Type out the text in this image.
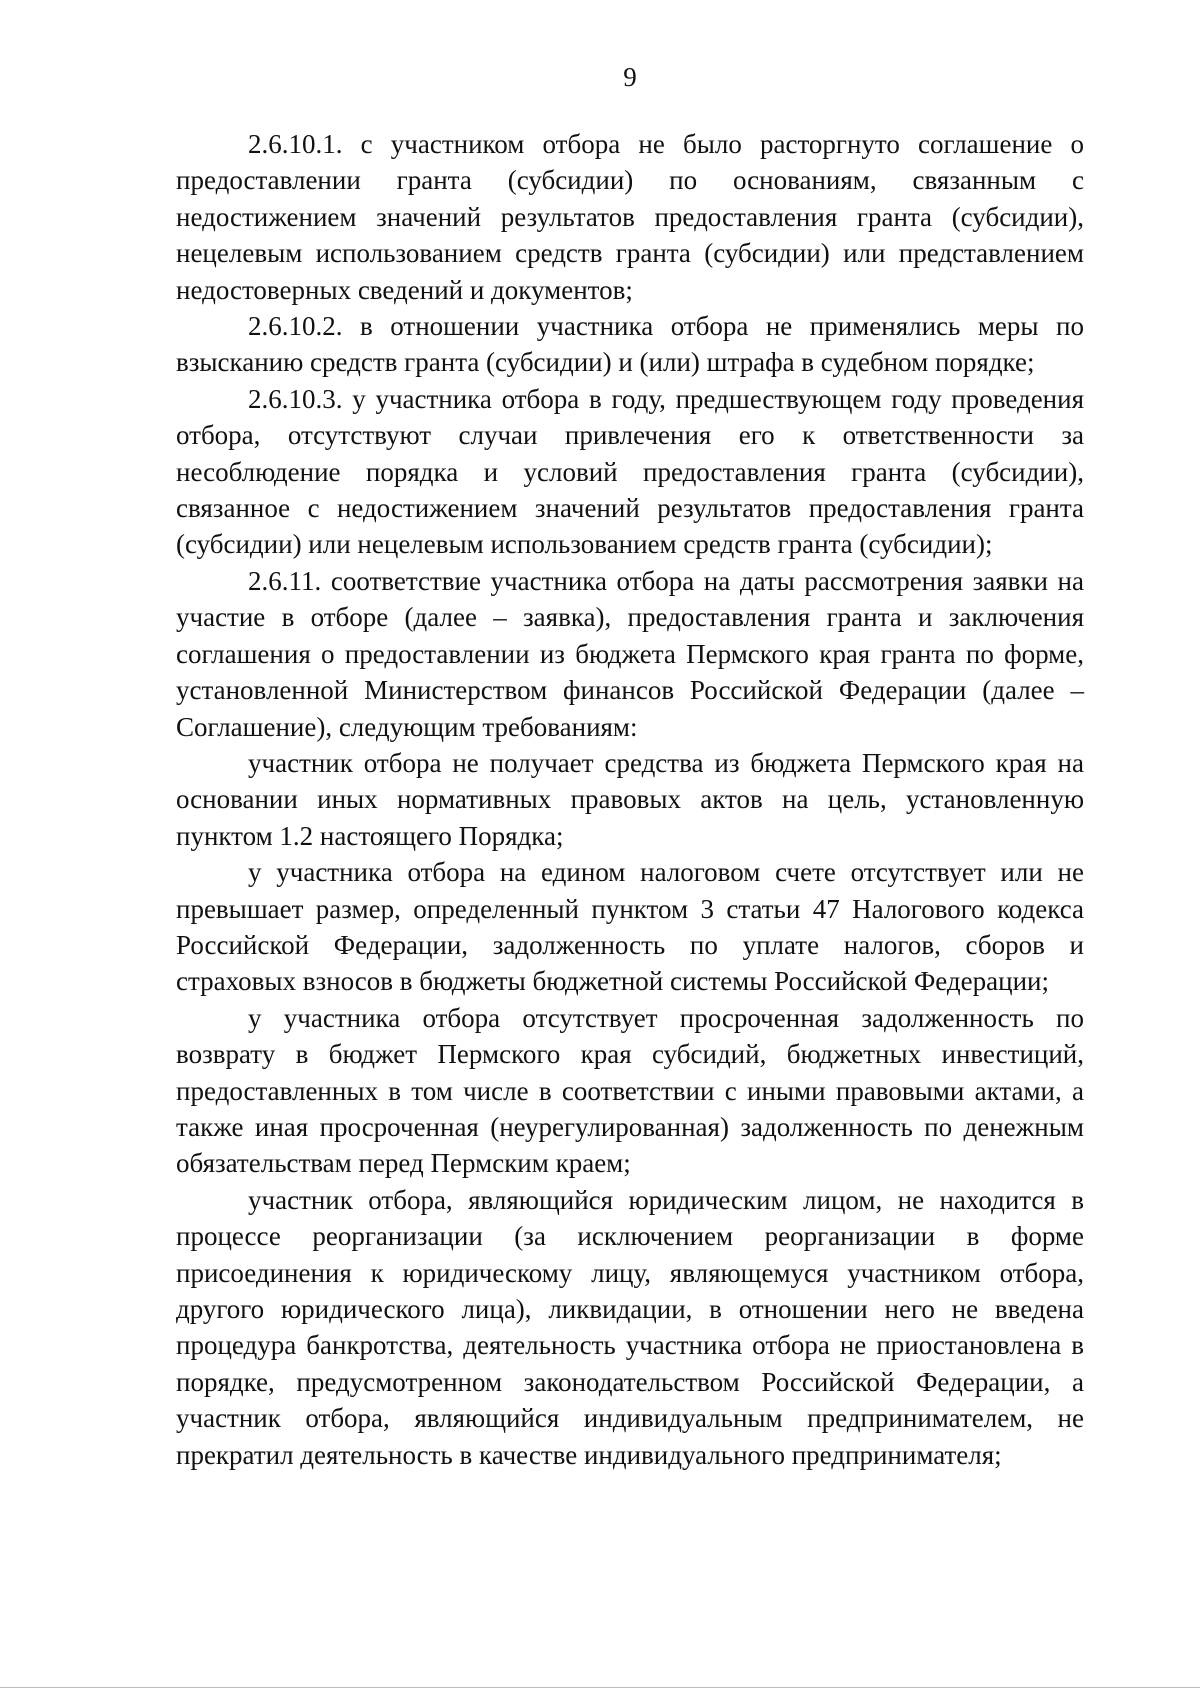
9

2.6.10.1. с участником отбора не было расторгнуто соглашение о предоставлении гранта (субсидии) по основаниям, связанным с недостижением значений результатов предоставления гранта (субсидии), нецелевым использованием средств гранта (субсидии) или представлением недостоверных сведений и документов;

2.6.10.2. в отношении участника отбора не применялись меры по взысканию средств гранта (субсидии) и (или) штрафа в судебном порядке;

2.6.10.3. у участника отбора в году, предшествующем году проведения отбора, отсутствуют случаи привлечения его к ответственности за несоблюдение порядка и условий предоставления гранта (субсидии), связанное с недостижением значений результатов предоставления гранта (субсидии) или нецелевым использованием средств гранта (субсидии);

2.6.11. соответствие участника отбора на даты рассмотрения заявки на участие в отборе (далее – заявка), предоставления гранта и заключения соглашения о предоставлении из бюджета Пермского края гранта по форме, установленной Министерством финансов Российской Федерации (далее – Соглашение), следующим требованиям:

участник отбора не получает средства из бюджета Пермского края на основании иных нормативных правовых актов на цель, установленную пунктом 1.2 настоящего Порядка;

у участника отбора на едином налоговом счете отсутствует или не превышает размер, определенный пунктом 3 статьи 47 Налогового кодекса Российской Федерации, задолженность по уплате налогов, сборов и страховых взносов в бюджеты бюджетной системы Российской Федерации;

у участника отбора отсутствует просроченная задолженность по возврату в бюджет Пермского края субсидий, бюджетных инвестиций, предоставленных в том числе в соответствии с иными правовыми актами, а также иная просроченная (неурегулированная) задолженность по денежным обязательствам перед Пермским краем;

участник отбора, являющийся юридическим лицом, не находится в процессе реорганизации (за исключением реорганизации в форме присоединения к юридическому лицу, являющемуся участником отбора, другого юридического лица), ликвидации, в отношении него не введена процедура банкротства, деятельность участника отбора не приостановлена в порядке, предусмотренном законодательством Российской Федерации, а участник отбора, являющийся индивидуальным предпринимателем, не прекратил деятельность в качестве индивидуального предпринимателя;
